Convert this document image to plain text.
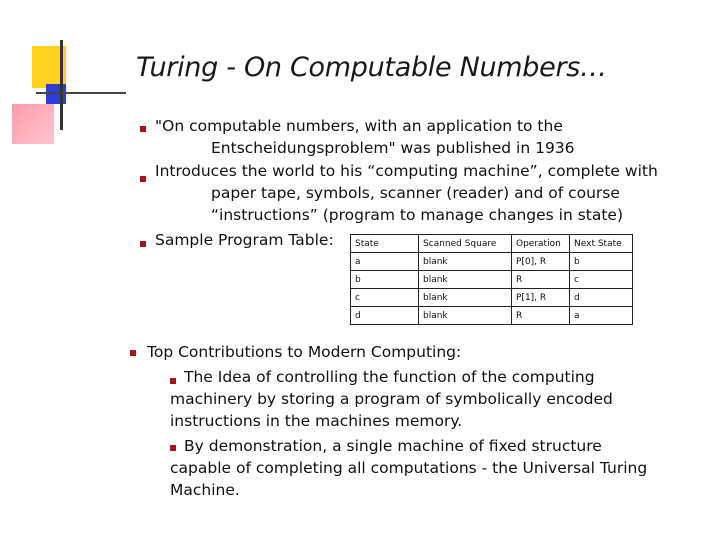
Turing - On Computable Numbers…
"On computable numbers, with an application to the
Entscheidungsproblem" was published in 1936
Introduces the world to his “computing machine”, complete with
paper tape, symbols, scanner (reader) and of course
“instructions” (program to manage changes in state)
Sample Program Table: State	Scanned Square	Operation	Next State
a	blank	P[0], R	b
b	blank	R	c
c	blank	P[1], R	d
d	blank	R	a
Top Contributions to Modern Computing:
The Idea of controlling the function of the computing
machinery by storing a program of symbolically encoded
instructions in the machines memory.
By demonstration, a single machine of fixed structure
capable of completing all computations - the Universal Turing
Machine.
